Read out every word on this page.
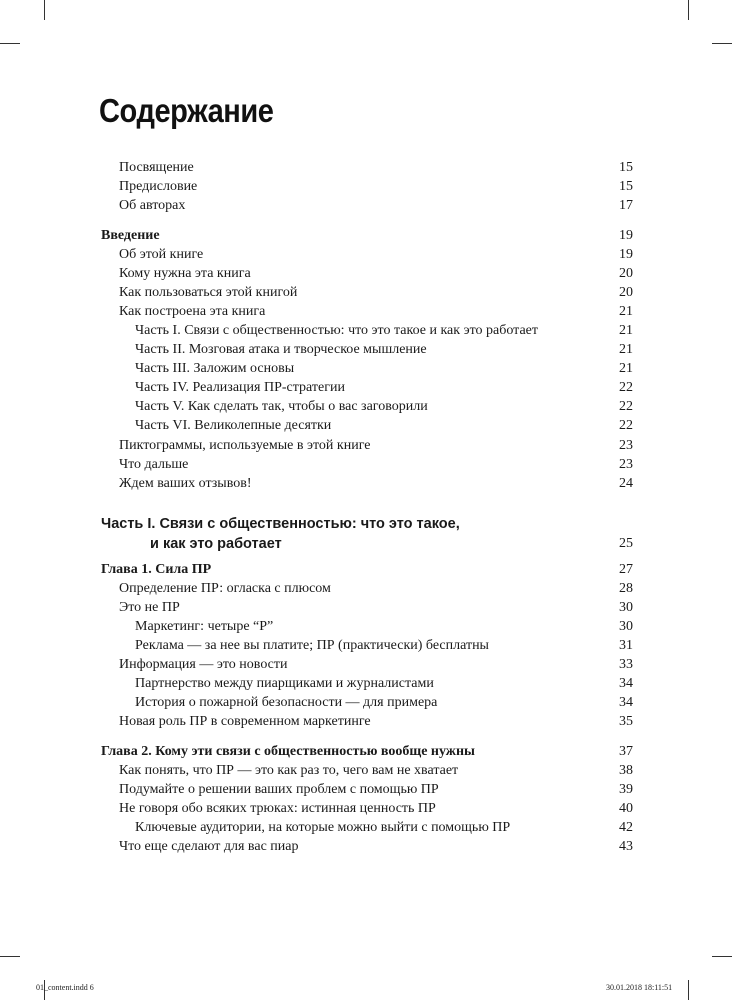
Содержание
Посвящение	15
Предисловие	15
Об авторах	17
Введение	19
Об этой книге	19
Кому нужна эта книга	20
Как пользоваться этой книгой	20
Как построена эта книга	21
Часть I. Связи с общественностью: что это такое и как это работает	21
Часть II. Мозговая атака и творческое мышление	21
Часть III. Заложим основы	21
Часть IV. Реализация ПР-стратегии	22
Часть V. Как сделать так, чтобы о вас заговорили	22
Часть VI. Великолепные десятки	22
Пиктограммы, используемые в этой книге	23
Что дальше	23
Ждем ваших отзывов!	24
Часть I. Связи с общественностью: что это такое,
и как это работает	25
Глава 1. Сила ПР	27
Определение ПР: огласка с плюсом	28
Это не ПР	30
Маркетинг: четыре “Р”	30
Реклама — за нее вы платите; ПР (практически) бесплатны	31
Информация — это новости	33
Партнерство между пиарщиками и журналистами	34
История о пожарной безопасности — для примера	34
Новая роль ПР в современном маркетинге	35
Глава 2. Кому эти связи с общественностью вообще нужны	37
Как понять, что ПР — это как раз то, чего вам не хватает	38
Подумайте о решении ваших проблем с помощью ПР	39
Не говоря обо всяких трюках: истинная ценность ПР	40
Ключевые аудитории, на которые можно выйти с помощью ПР	42
Что еще сделают для вас пиар	43
01_content.indd 6	30.01.2018 18:11:51
